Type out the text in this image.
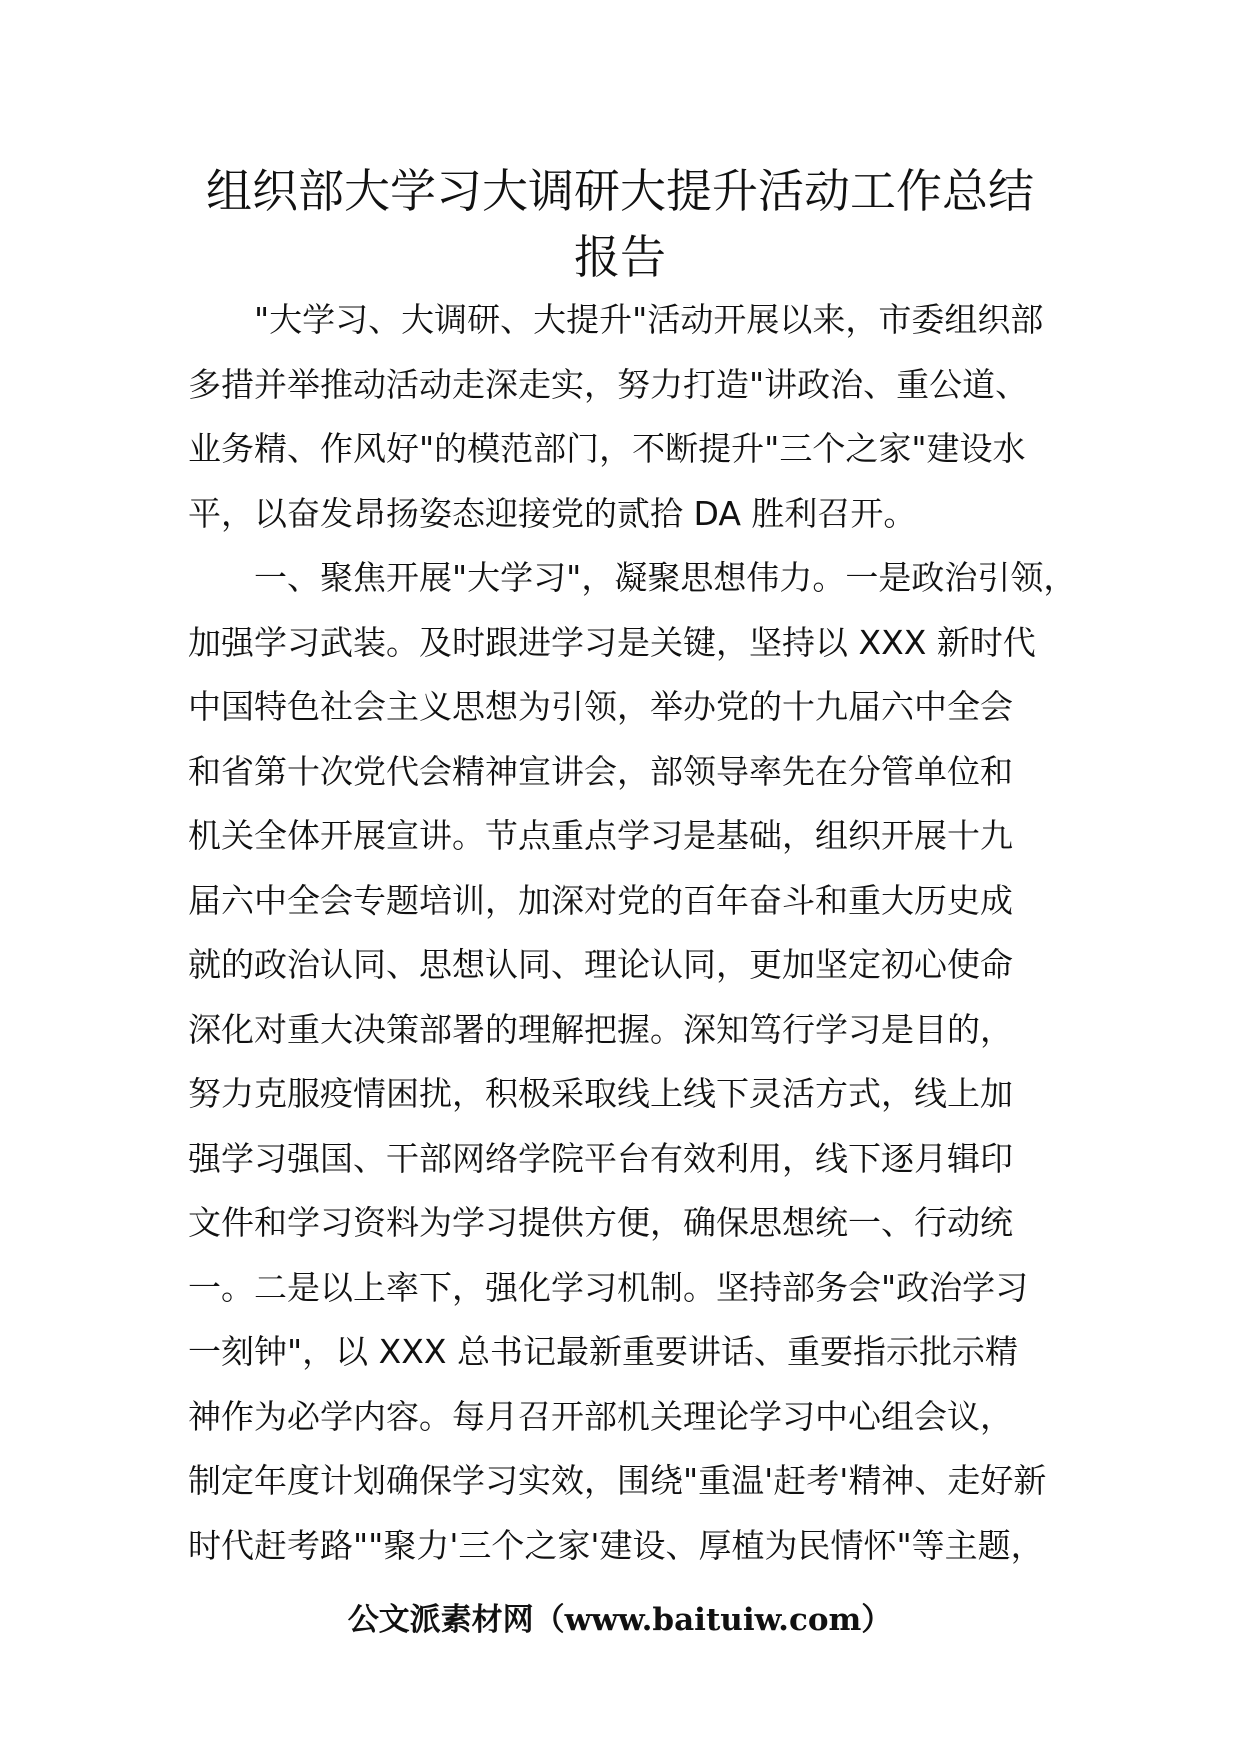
组织部大学习大调研大提升活动工作总结
报告
"大学习、大调研、大提升"活动开展以来，市委组织部
多措并举推动活动走深走实，努力打造"讲政治、重公道、
业务精、作风好"的模范部门，不断提升"三个之家"建设水
平，以奋发昂扬姿态迎接党的贰拾 DA 胜利召开。
一、聚焦开展"大学习"，凝聚思想伟力。一是政治引领，
加强学习武装。及时跟进学习是关键，坚持以 XXX 新时代
中国特色社会主义思想为引领，举办党的十九届六中全会
和省第十次党代会精神宣讲会，部领导率先在分管单位和
机关全体开展宣讲。节点重点学习是基础，组织开展十九
届六中全会专题培训，加深对党的百年奋斗和重大历史成
就的政治认同、思想认同、理论认同，更加坚定初心使命
深化对重大决策部署的理解把握。深知笃行学习是目的，
努力克服疫情困扰，积极采取线上线下灵活方式，线上加
强学习强国、干部网络学院平台有效利用，线下逐月辑印
文件和学习资料为学习提供方便，确保思想统一、行动统
一。二是以上率下，强化学习机制。坚持部务会"政治学习
一刻钟"，以 XXX 总书记最新重要讲话、重要指示批示精
神作为必学内容。每月召开部机关理论学习中心组会议，
制定年度计划确保学习实效，围绕"重温'赶考'精神、走好新
时代赶考路""聚力'三个之家'建设、厚植为民情怀"等主题，
公文派素材网（www.baituiw.com）
